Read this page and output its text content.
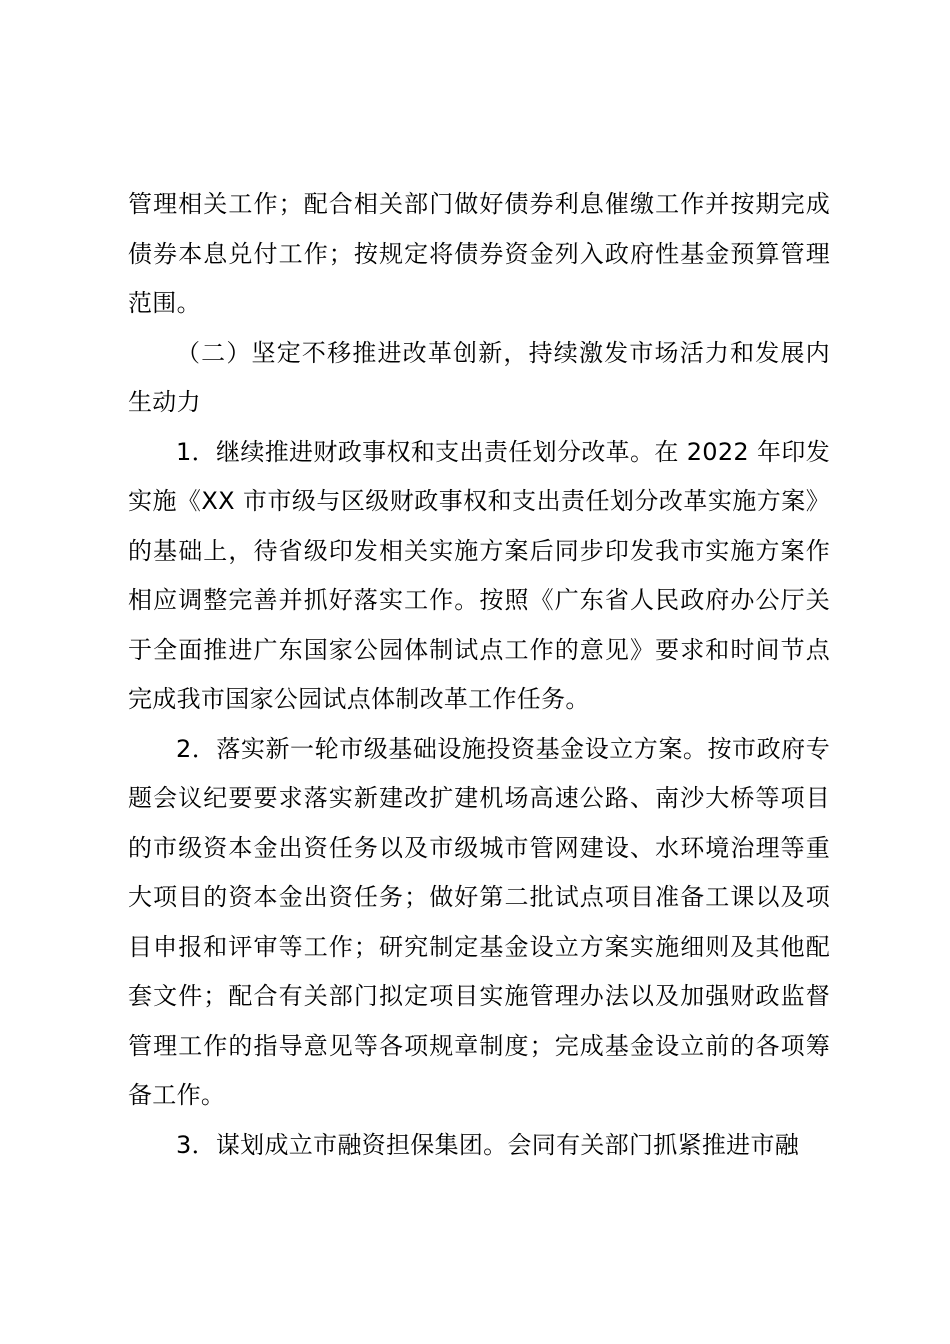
管理相关工作；配合相关部门做好债券利息催缴工作并按期完成债券本息兑付工作；按规定将债券资金列入政府性基金预算管理范围。

（二）坚定不移推进改革创新，持续激发市场活力和发展内生动力

1．继续推进财政事权和支出责任划分改革。在 2022 年印发实施《XX 市市级与区级财政事权和支出责任划分改革实施方案》的基础上，待省级印发相关实施方案后同步印发我市实施方案作相应调整完善并抓好落实工作。按照《广东省人民政府办公厅关于全面推进广东国家公园体制试点工作的意见》要求和时间节点完成我市国家公园试点体制改革工作任务。

2．落实新一轮市级基础设施投资基金设立方案。按市政府专题会议纪要要求落实新建改扩建机场高速公路、南沙大桥等项目的市级资本金出资任务以及市级城市管网建设、水环境治理等重大项目的资本金出资任务；做好第二批试点项目准备工课以及项目申报和评审等工作；研究制定基金设立方案实施细则及其他配套文件；配合有关部门拟定项目实施管理办法以及加强财政监督管理工作的指导意见等各项规章制度；完成基金设立前的各项筹备工作。

3．谋划成立市融资担保集团。会同有关部门抓紧推进市融
